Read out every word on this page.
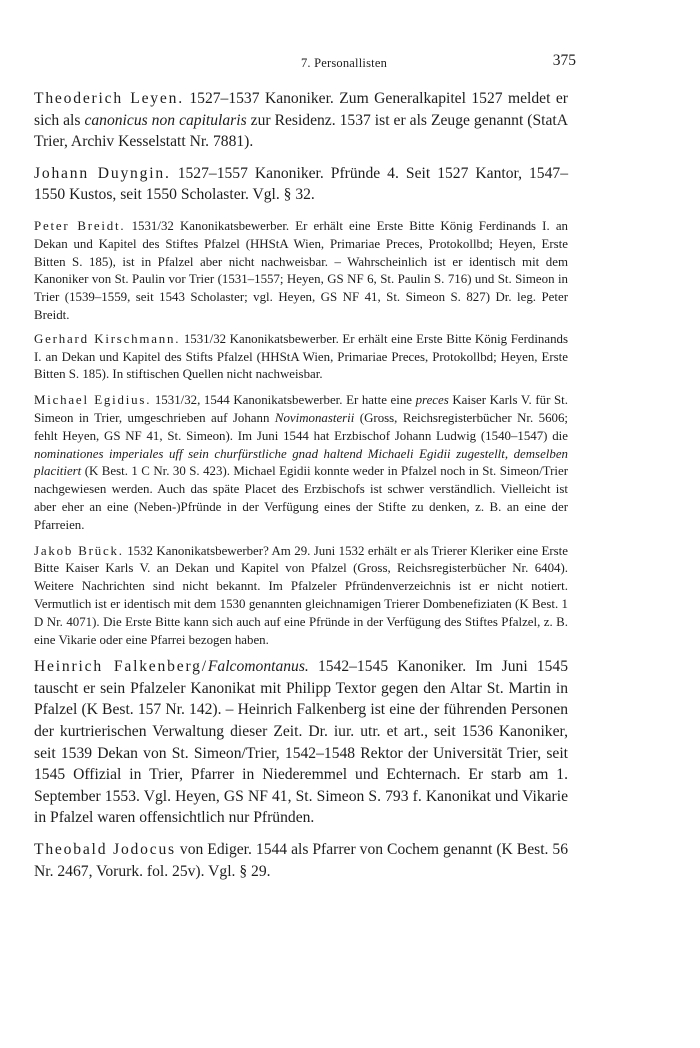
7. Personallisten	375

Theoderich Leyen. 1527–1537 Kanoniker. Zum Generalkapitel 1527 meldet er sich als canonicus non capitularis zur Residenz. 1537 ist er als Zeuge genannt (StatA Trier, Archiv Kesselstatt Nr. 7881).

Johann Duyngin. 1527–1557 Kanoniker. Pfründe 4. Seit 1527 Kantor, 1547–1550 Kustos, seit 1550 Scholaster. Vgl. § 32.

Peter Breidt. 1531/32 Kanonikatsbewerber. Er erhält eine Erste Bitte König Ferdinands I. an Dekan und Kapitel des Stiftes Pfalzel (HHStA Wien, Primariae Preces, Protokollbd; Heyen, Erste Bitten S. 185), ist in Pfalzel aber nicht nachweisbar. – Wahrscheinlich ist er identisch mit dem Kanoniker von St. Paulin vor Trier (1531–1557; Heyen, GS NF 6, St. Paulin S. 716) und St. Simeon in Trier (1539–1559, seit 1543 Scholaster; vgl. Heyen, GS NF 41, St. Simeon S. 827) Dr. leg. Peter Breidt.

Gerhard Kirschmann. 1531/32 Kanonikatsbewerber. Er erhält eine Erste Bitte König Ferdinands I. an Dekan und Kapitel des Stifts Pfalzel (HHStA Wien, Primariae Preces, Protokollbd; Heyen, Erste Bitten S. 185). In stiftischen Quellen nicht nachweisbar.

Michael Egidius. 1531/32, 1544 Kanonikatsbewerber. Er hatte eine preces Kaiser Karls V. für St. Simeon in Trier, umgeschrieben auf Johann Novimonasterii (Gross, Reichsregisterbücher Nr. 5606; fehlt Heyen, GS NF 41, St. Simeon). Im Juni 1544 hat Erzbischof Johann Ludwig (1540–1547) die nominationes imperiales uff sein churfürstliche gnad haltend Michaeli Egidii zugestellt, demselben placitiert (K Best. 1 C Nr. 30 S. 423). Michael Egidii konnte weder in Pfalzel noch in St. Simeon/Trier nachgewiesen werden. Auch das späte Placet des Erzbischofs ist schwer verständlich. Vielleicht ist aber eher an eine (Neben-)Pfründe in der Verfügung eines der Stifte zu denken, z. B. an eine der Pfarreien.

Jakob Brück. 1532 Kanonikatsbewerber? Am 29. Juni 1532 erhält er als Trierer Kleriker eine Erste Bitte Kaiser Karls V. an Dekan und Kapitel von Pfalzel (Gross, Reichsregisterbücher Nr. 6404). Weitere Nachrichten sind nicht bekannt. Im Pfalzeler Pfründenverzeichnis ist er nicht notiert. Vermutlich ist er identisch mit dem 1530 genannten gleichnamigen Trierer Dombenefiziaten (K Best. 1 D Nr. 4071). Die Erste Bitte kann sich auch auf eine Pfründe in der Verfügung des Stiftes Pfalzel, z. B. eine Vikarie oder eine Pfarrei bezogen haben.

Heinrich Falkenberg/Falcomontanus. 1542–1545 Kanoniker. Im Juni 1545 tauscht er sein Pfalzeler Kanonikat mit Philipp Textor gegen den Altar St. Martin in Pfalzel (K Best. 157 Nr. 142). – Heinrich Falkenberg ist eine der führenden Personen der kurtrierischen Verwaltung dieser Zeit. Dr. iur. utr. et art., seit 1536 Kanoniker, seit 1539 Dekan von St. Simeon/Trier, 1542–1548 Rektor der Universität Trier, seit 1545 Offizial in Trier, Pfarrer in Niederemmel und Echternach. Er starb am 1. September 1553. Vgl. Heyen, GS NF 41, St. Simeon S. 793 f. Kanonikat und Vikarie in Pfalzel waren offensichtlich nur Pfründen.

Theobald Jodocus von Ediger. 1544 als Pfarrer von Cochem genannt (K Best. 56 Nr. 2467, Vorurk. fol. 25v). Vgl. § 29.
